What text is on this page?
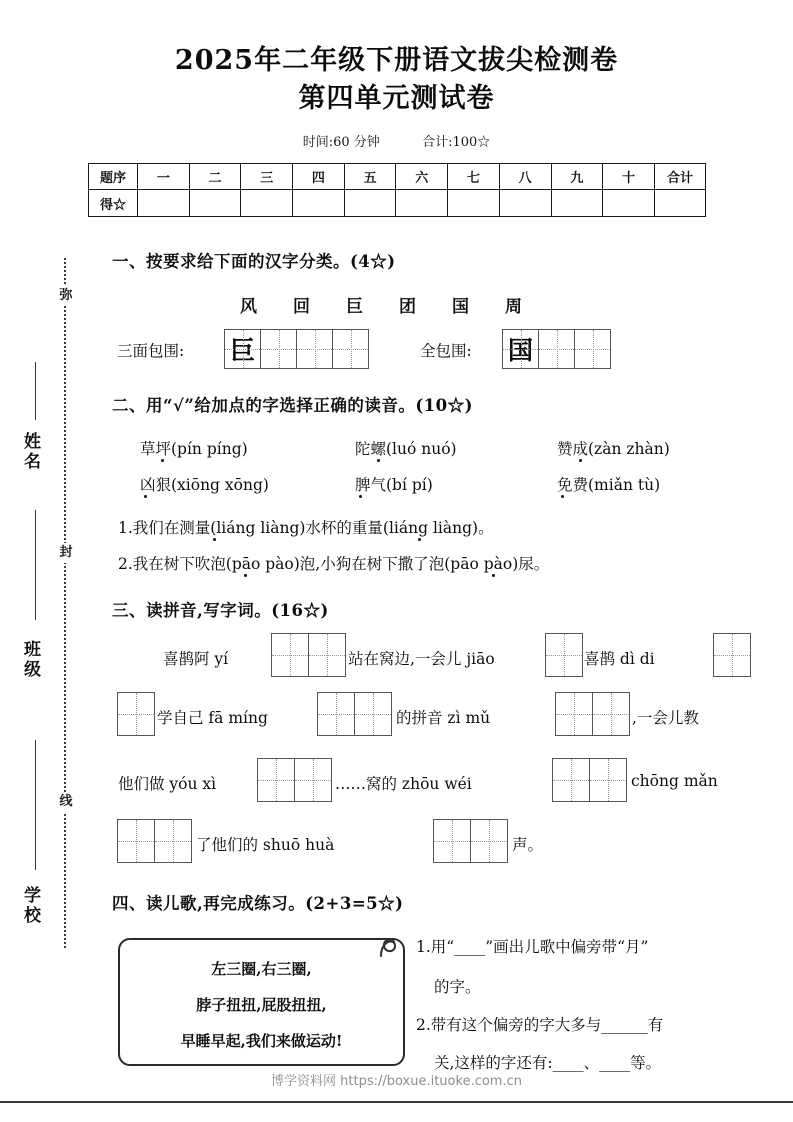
2025年二年级下册语文拔尖检测卷
第四单元测试卷
时间:60 分钟	合计:100☆
题序	一	二	三	四	五	六	七	八	九	十	合计
得☆											
弥
封
线
姓名
班级
学校
一、按要求给下面的汉字分类。(4☆)
风回巨团国周
三面包围: 巨	全包围: 国
二、用“√”给加点的字选择正确的读音。(10☆)
草坪(pín píng)	陀螺(luó nuó)	赞成(zàn zhàn)
凶狠(xiōng xōng)	脾气(bí pí)	免费(miǎn tù)
1.我们在测量(liáng liàng)水杯的重量(liáng liàng)。
2.我在树下吹泡(pāo pào)泡,小狗在树下撒了泡(pāo pào)尿。
三、读拼音,写字词。(16☆)
喜鹊阿 yí	站在窝边,一会儿 jiāo	喜鹊 dì di
学自己 fā míng	的拼音 zì mǔ	,一会儿教
他们做 yóu xì	……窝的 zhōu wéi	chōng mǎn
了他们的 shuō huà	声。
四、读儿歌,再完成练习。(2+3=5☆)
左三圈,右三圈,
脖子扭扭,屁股扭扭,
早睡早起,我们来做运动!
1.用“____”画出儿歌中偏旁带“月”
的字。
2.带有这个偏旁的字大多与______有
关,这样的字还有:____、____等。
博学资料网 https://boxue.ituoke.com.cn
